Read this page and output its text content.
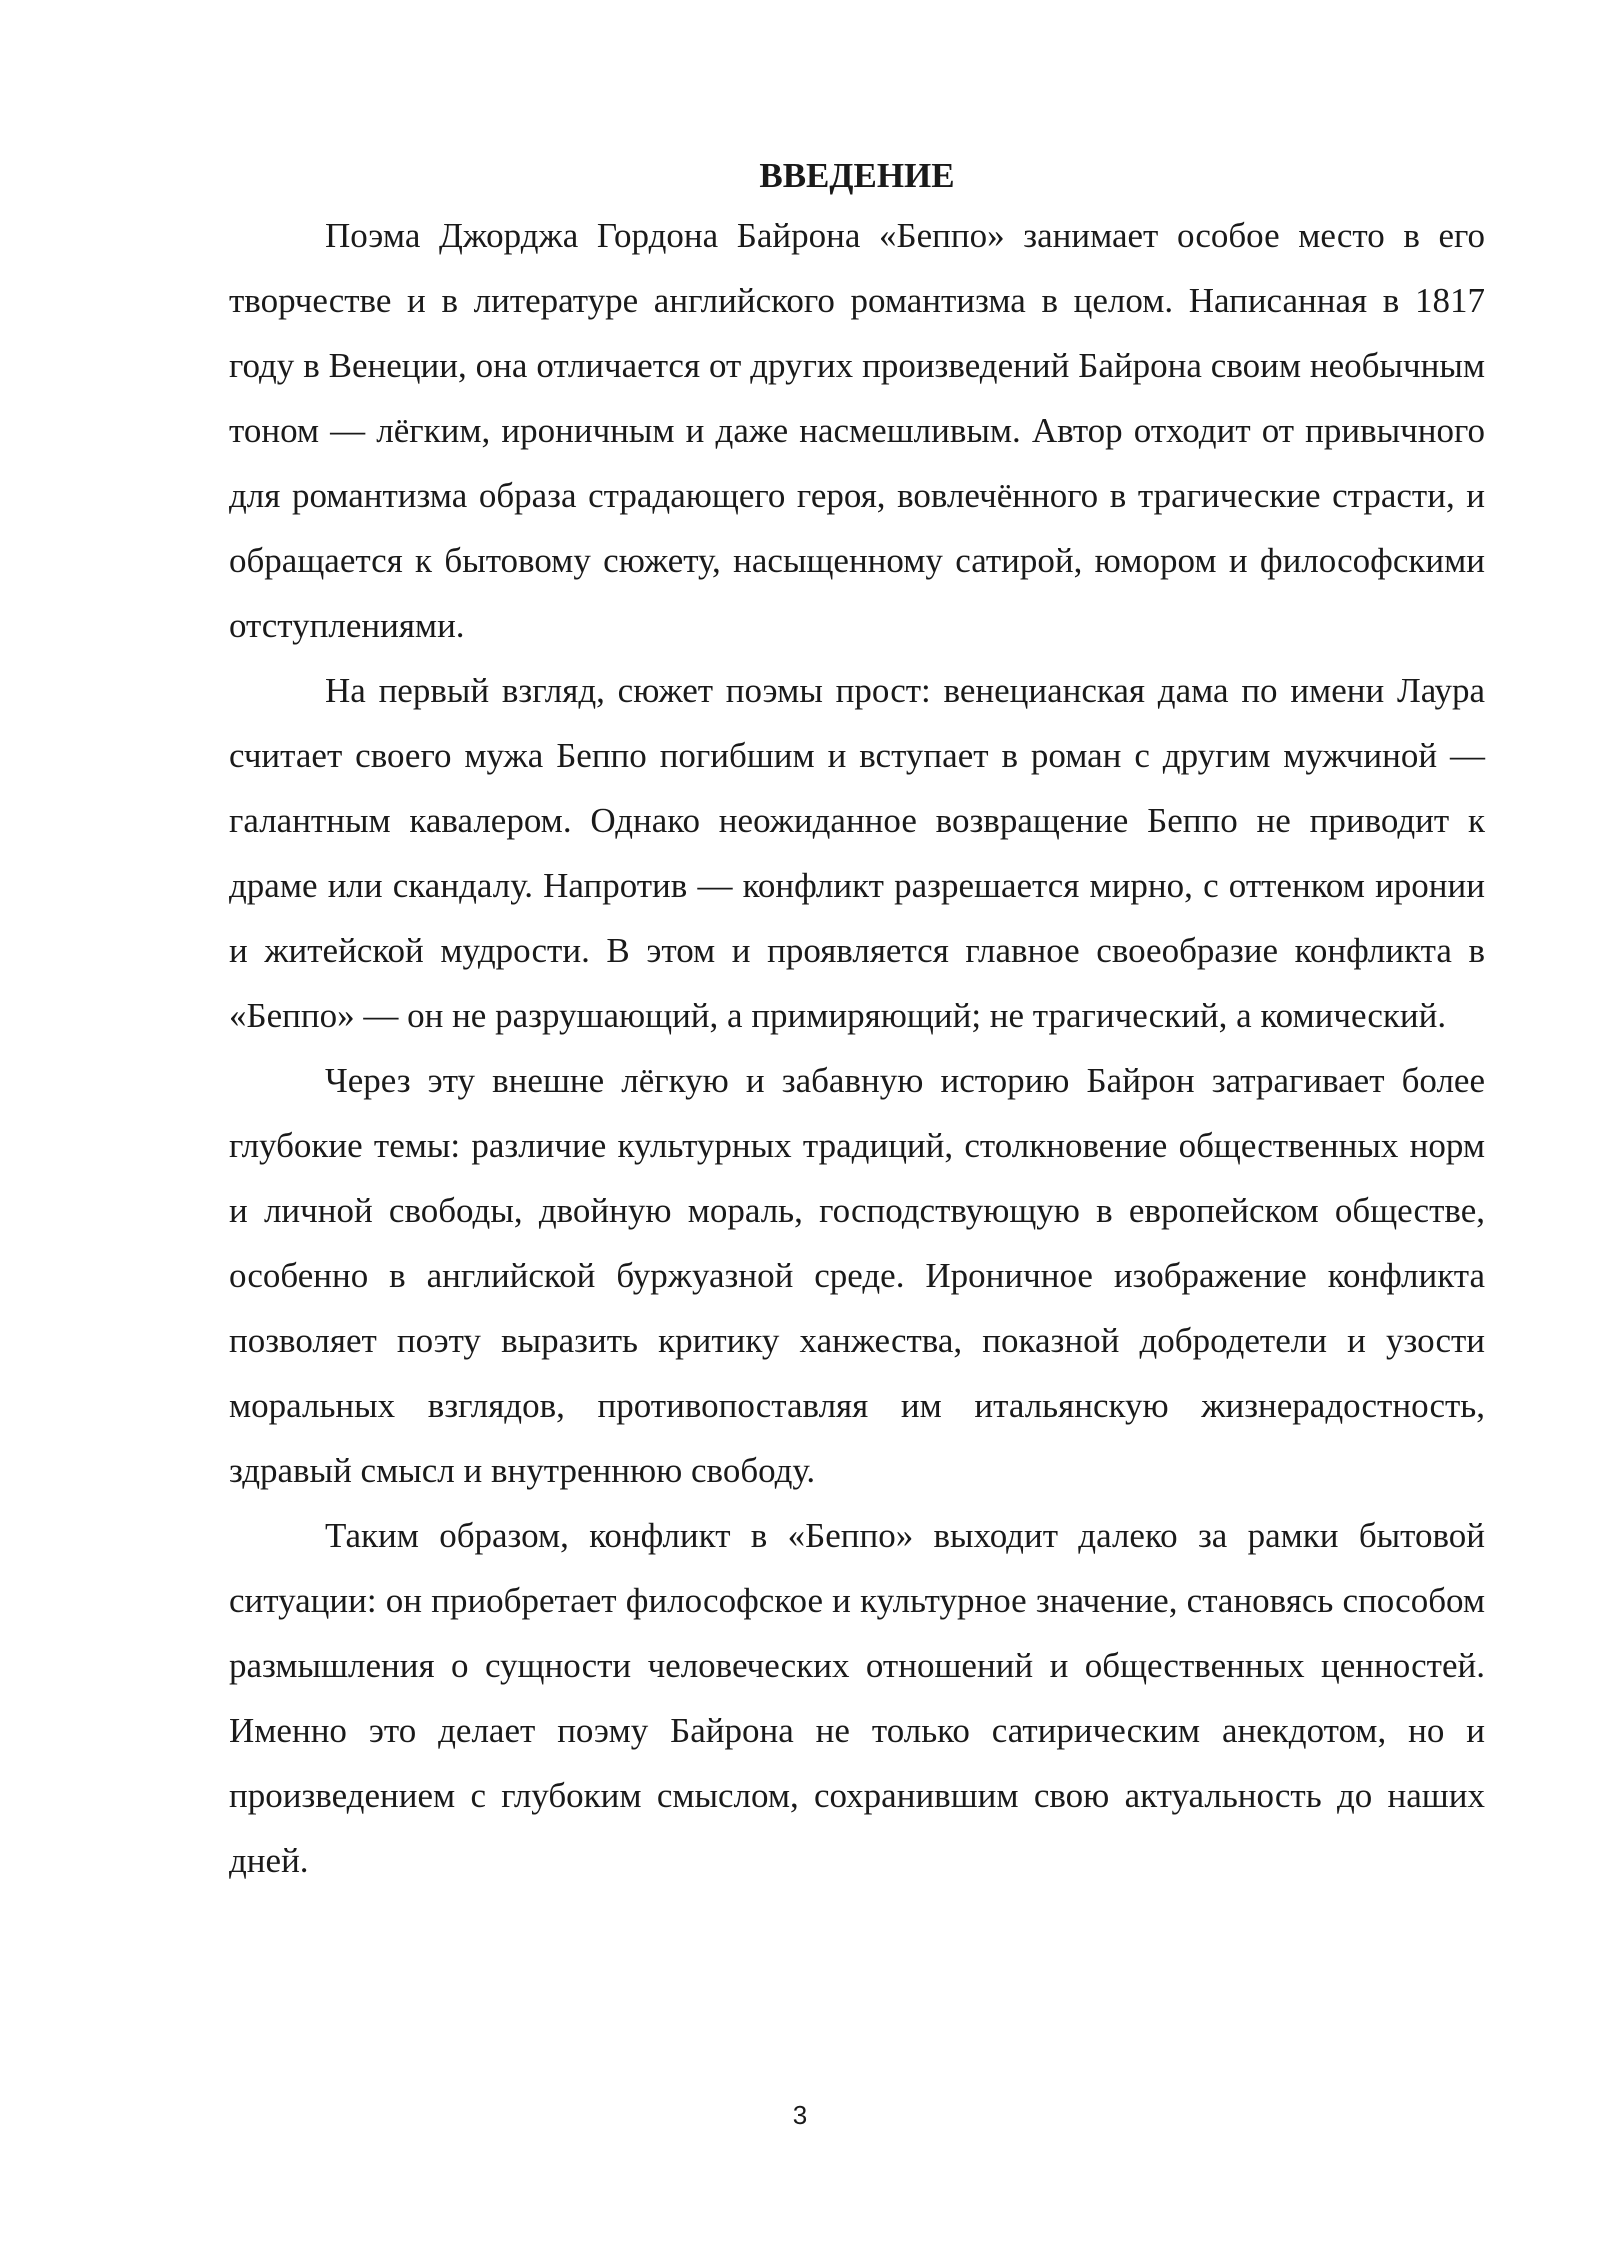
ВВЕДЕНИЕ

Поэма Джорджа Гордона Байрона «Беппо» занимает особое место в его творчестве и в литературе английского романтизма в целом. Написанная в 1817 году в Венеции, она отличается от других произведений Байрона своим необычным тоном — лёгким, ироничным и даже насмешливым. Автор отходит от привычного для романтизма образа страдающего героя, вовлечённого в трагические страсти, и обращается к бытовому сюжету, насыщенному сатирой, юмором и философскими отступлениями.

На первый взгляд, сюжет поэмы прост: венецианская дама по имени Лаура считает своего мужа Беппо погибшим и вступает в роман с другим мужчиной — галантным кавалером. Однако неожиданное возвращение Беппо не приводит к драме или скандалу. Напротив — конфликт разрешается мирно, с оттенком иронии и житейской мудрости. В этом и проявляется главное своеобразие конфликта в «Беппо» — он не разрушающий, а примиряющий; не трагический, а комический.

Через эту внешне лёгкую и забавную историю Байрон затрагивает более глубокие темы: различие культурных традиций, столкновение общественных норм и личной свободы, двойную мораль, господствующую в европейском обществе, особенно в английской буржуазной среде. Ироничное изображение конфликта позволяет поэту выразить критику ханжества, показной добродетели и узости моральных взглядов, противопоставляя им итальянскую жизнерадостность, здравый смысл и внутреннюю свободу.

Таким образом, конфликт в «Беппо» выходит далеко за рамки бытовой ситуации: он приобретает философское и культурное значение, становясь способом размышления о сущности человеческих отношений и общественных ценностей. Именно это делает поэму Байрона не только сатирическим анекдотом, но и произведением с глубоким смыслом, сохранившим свою актуальность до наших дней.

3
